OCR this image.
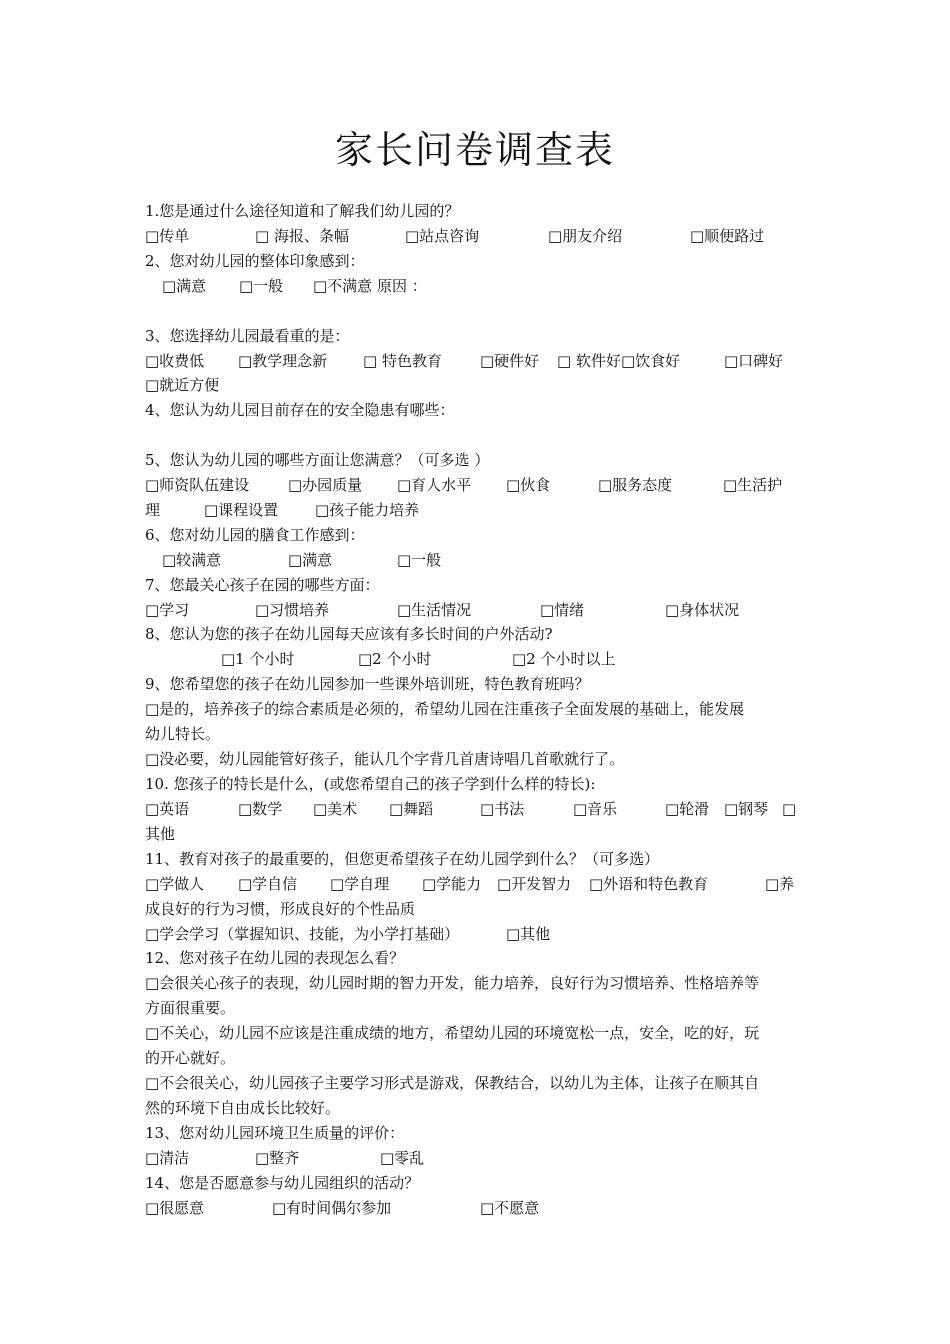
家长问卷调查表
1.您是通过什么途径知道和了解我们幼儿园的？
□传单	□ 海报、条幅	□站点咨询	□朋友介绍	□顺便路过
2、您对幼儿园的整体印象感到：
□满意 □一般 □不满意 原因 ：
3、您选择幼儿园最看重的是：
□收费低 □教学理念新 □ 特色教育	□硬件好 □ 软件好□饮食好	□口碑好
□就近方便
4、您认为幼儿园目前存在的安全隐患有哪些：
5、您认为幼儿园的哪些方面让您满意？（可多选 ）
□师资队伍建设	□办园质量 □育人水平 □伙食	□服务态度	□生活护
理	□课程设置 □孩子能力培养
6、您对幼儿园的膳食工作感到：
□较满意	□满意	□一般
7、您最关心孩子在园的哪些方面：
□学习	□习惯培养	□生活情况	□情绪	□身体状况
8、您认为您的孩子在幼儿园每天应该有多长时间的户外活动?
□1 个小时	□2 个小时	□2 个小时以上
9、您希望您的孩子在幼儿园参加一些课外培训班，特色教育班吗？
□是的，培养孩子的综合素质是必须的，希望幼儿园在注重孩子全面发展的基础上，能发展
幼儿特长。
□没必要，幼儿园能管好孩子，能认几个字背几首唐诗唱几首歌就行了。
10. 您孩子的特长是什么，(或您希望自己的孩子学到什么样的特长):
□英语	□数学 □美术 □舞蹈	□书法	□音乐	□轮滑 □钢琴 □
其他
11、教育对孩子的最重要的，但您更希望孩子在幼儿园学到什么？（可多选）
□学做人 □学自信 □学自理 □学能力 □开发智力 □外语和特色教育	□养
成良好的行为习惯，形成良好的个性品质
□学会学习（掌握知识、技能，为小学打基础）	□其他
12、您对孩子在幼儿园的表现怎么看？
□会很关心孩子的表现，幼儿园时期的智力开发，能力培养，良好行为习惯培养、性格培养等
方面很重要。
□不关心，幼儿园不应该是注重成绩的地方，希望幼儿园的环境宽松一点，安全，吃的好，玩
的开心就好。
□不会很关心，幼儿园孩子主要学习形式是游戏，保教结合，以幼儿为主体，让孩子在顺其自
然的环境下自由成长比较好。
13、您对幼儿园环境卫生质量的评价：
□清洁	□整齐	□零乱
14、您是否愿意参与幼儿园组织的活动？
□很愿意	□有时间偶尔参加	□不愿意
